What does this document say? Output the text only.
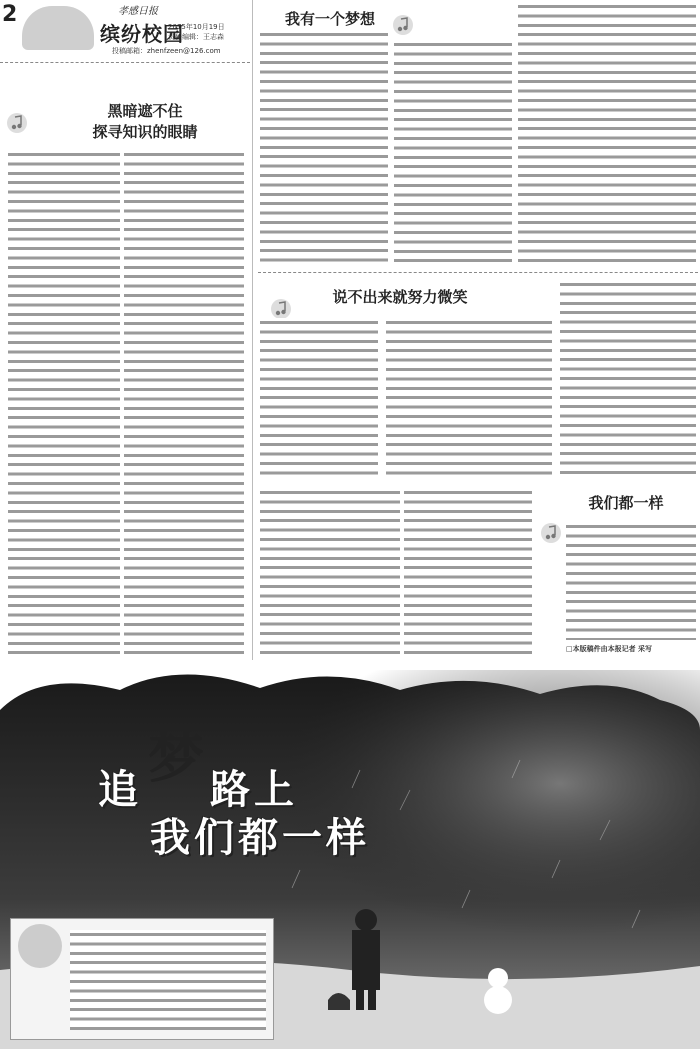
2	孝感日报
缤纷校园
2015年10月19日
责任编辑：王志森
投稿邮箱：zhenfzeen@126.com
黑暗遮不住
探寻知识的眼睛
我有一个梦想
说不出来就努力微笑
我们都一样
□本版稿件由本报记者 采写
追 梦 路上
我们都一样
